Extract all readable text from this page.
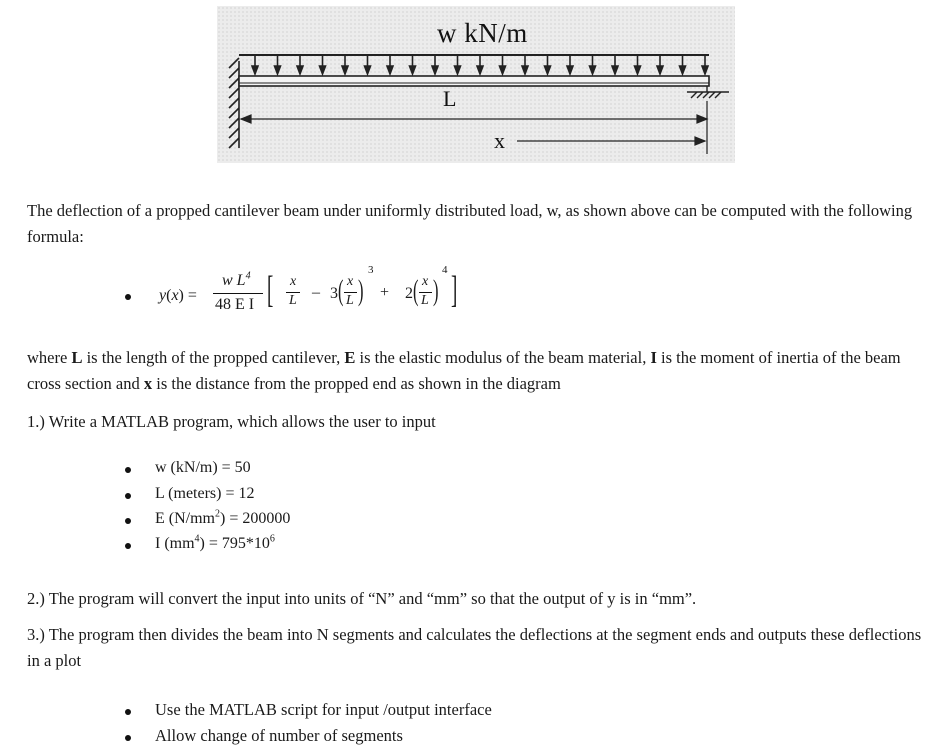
w kN/m
L
x

The deflection of a propped cantilever beam under uniformly distributed load, w, as shown above can be computed with the following formula:

y(x) =
w $L^4$
48 E I [ x
L – 3 ( x
L )
3
+ 2 ( x
L )
4 ]

where L is the length of the propped cantilever, E is the elastic modulus of the beam material, I is the moment of inertia of the beam cross section and x is the distance from the propped end as shown in the diagram

1.) Write a MATLAB program, which allows the user to input

w (kN/m) = 50
L (meters) = 12
E $(N/mm^2) = 200000$
I $(mm^4) = 795*10^6$

2.) The program will convert the input into units of “N” and “mm” so that the output of y is in “mm”.

3.) The program then divides the beam into N segments and calculates the deflections at the segment ends and outputs these deflections in a plot

Use the MATLAB script for input /output interface
Allow change of number of segments
